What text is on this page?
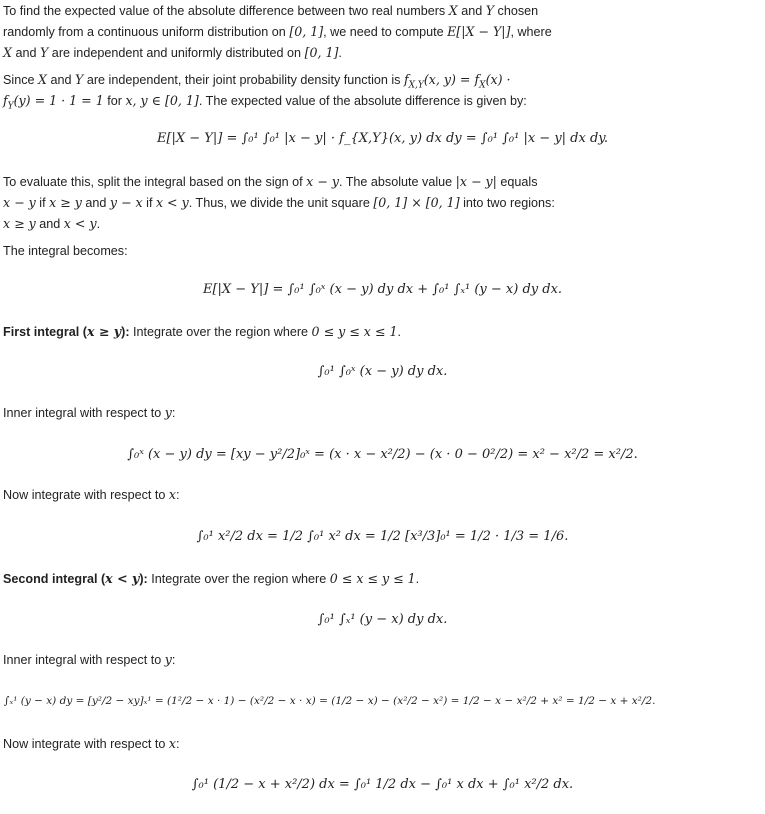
To find the expected value of the absolute difference between two real numbers X and Y chosen
randomly from a continuous uniform distribution on [0, 1], we need to compute E[|X − Y|], where
X and Y are independent and uniformly distributed on [0, 1].
Since X and Y are independent, their joint probability density function is $f_{X,Y}(x$, $y) = f_X(x)$ ·
$f_Y(y) = 1 \cdot 1 = 1$ for x, y ∈ [0, 1]. The expected value of the absolute difference is given by:
E[|X − Y|] = ∫₀¹ ∫₀¹ |x − y| · f_{X,Y}(x, y) dx dy = ∫₀¹ ∫₀¹ |x − y| dx dy.
To evaluate this, split the integral based on the sign of x − y. The absolute value |x − y| equals
x − y if x ≥ y and y − x if x < y. Thus, we divide the unit square [0, 1] × [0, 1] into two regions:
x ≥ y and x < y.
The integral becomes:
E[|X − Y|] = ∫₀¹ ∫₀ˣ (x − y) dy dx + ∫₀¹ ∫ₓ¹ (y − x) dy dx.
First integral (x ≥ y): Integrate over the region where 0 ≤ y ≤ x ≤ 1.
∫₀¹ ∫₀ˣ (x − y) dy dx.
Inner integral with respect to y:
∫₀ˣ (x − y) dy = [xy − y²/2]₀ˣ = (x · x − x²/2) − (x · 0 − 0²/2) = x² − x²/2 = x²/2.
Now integrate with respect to x:
∫₀¹ x²/2 dx = 1/2 ∫₀¹ x² dx = 1/2 [x³/3]₀¹ = 1/2 · 1/3 = 1/6.
Second integral (x < y): Integrate over the region where 0 ≤ x ≤ y ≤ 1.
∫₀¹ ∫ₓ¹ (y − x) dy dx.
Inner integral with respect to y:
∫ₓ¹ (y − x) dy = [y²/2 − xy]ₓ¹ = (1²/2 − x · 1) − (x²/2 − x · x) = (1/2 − x) − (x²/2 − x²) = 1/2 − x − x²/2 + x² = 1/2 − x + x²/2.
Now integrate with respect to x:
∫₀¹ (1/2 − x + x²/2) dx = ∫₀¹ 1/2 dx − ∫₀¹ x dx + ∫₀¹ x²/2 dx.
